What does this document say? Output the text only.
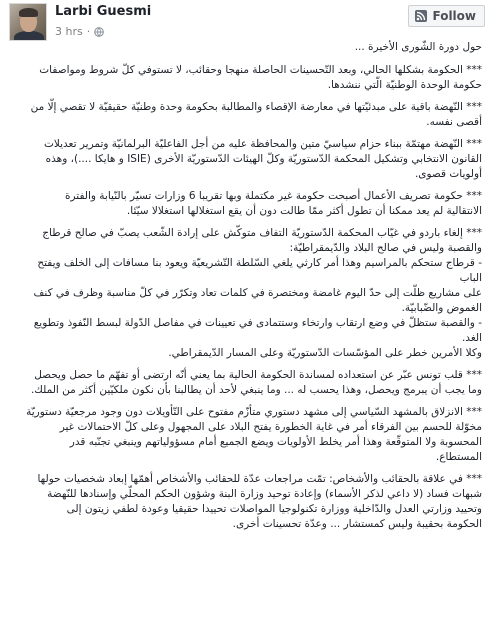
Larbi Guesmi
3 hrs ·
Follow

حول دورة الشّورى الأخيرة ...

*** الحكومة بشكلها الحالي، وبعد التّحسينات الحاصلة منهجا وحقائب، لا تستوفي كلّ شروط ومواصفات
حكومة الوحدة الوطنيّة الّتي ننشدها.

*** النّهضة باقية على مبدئيّتها في معارضة الإقصاء والمطالبة بحكومة وحدة وطنيّة حقيقيّة لا تقصي إلّا من
أقصى نفسه.

*** النّهضة مهتمّة ببناء حزام سياسيّ متين والمحافظة عليه من أجل الفاعليّة البرلمانيّة وتمرير تعديلات
القانون الانتخابي وتشكيل المحكمة الدّستوريّة وكلّ الهيئات الدّستوريّة الأخرى (ISIE و هايكا ....)، وهذه
أولويات قصوى.

*** حكومة تصريف الأعمال أصبحت حكومة غير مكتملة وبها تقريبا 6 وزارات تسيّر بالنّيابة والفترة
الانتقالية لم يعد ممكنا أن تطول أكثر ممّا طالت دون أن يقع استغلالها استغلالا سيّئا.

*** إلغاء باردو في غيّاب المحكمة الدّستوريّة التفاف متوكّش على إرادة الشّعب يصبّ في صالح قرطاج
والقصبة وليس في صالح البلاد والدّيمقراطيّة:
- قرطاج ستحكم بالمراسيم وهذا أمر كارثي يلغي السّلطة التّشريعيّة ويعود بنا مسافات إلى الخلف ويفتح الباب
على مشاريع ظلّت إلى حدّ اليوم غامضة ومختصرة في كلمات تعاد وتكرّر في كلّ مناسبة وظرف في كنف
الغموض والضّبابيّة.
- والقصبة ستظلّ في وضع ارتقاب وارتخاء وستتمادى في تعيينات في مفاصل الدّولة لبسط النّفوذ وتطويع الغد.
وكلا الأمرين خطر على المؤسّسات الدّستوريّة وعلى المسار الدّيمقراطي.

*** قلب تونس عبّر عن استعداده لمساندة الحكومة الحالية بما يعني أنّه ارتضى أو تفهّم ما حصل ويحصل
وما يجب أن يبرمج ويحصل، وهذا يحسب له ... وما ينبغي لأحد أن يطالبنا بأن نكون ملكيّين أكثر من الملك.

*** الانزلاق بالمشهد السّياسي إلى مشهد دستوري متأزّم مفتوح على التّأويلات دون وجود مرجعيّة دستوريّة
مخوّلة للحسم بين الفرقاء أمر في غاية الخطورة يفتح البلاد على المجهول وعلى كلّ الاحتمالات غير
المحسوبة ولا المتوقّعة وهذا أمر يخلط الأولويات ويضع الجميع أمام مسؤولياتهم وينبغي تجنّبه قدر
المستطاع.

*** في علاقة بالحقائب والأشخاص: تمّت مراجعات عدّة للحقائب والأشخاص أهمّها إبعاد شخصيات حولها
شبهات فساد (لا داعي لذكر الأسماء) وإعادة توحيد وزارة البنة وشؤون الحكم المحلّي وإسنادها للنّهضة
وتحييد وزارتي العدل والدّاخلية ووزارة تكنولوجيا المواصلات تحييدا حقيقيا وعودة لطفي زيتون إلى
الحكومة بحقيبة وليس كمستشار ... وعدّة تحسينات أخرى.
